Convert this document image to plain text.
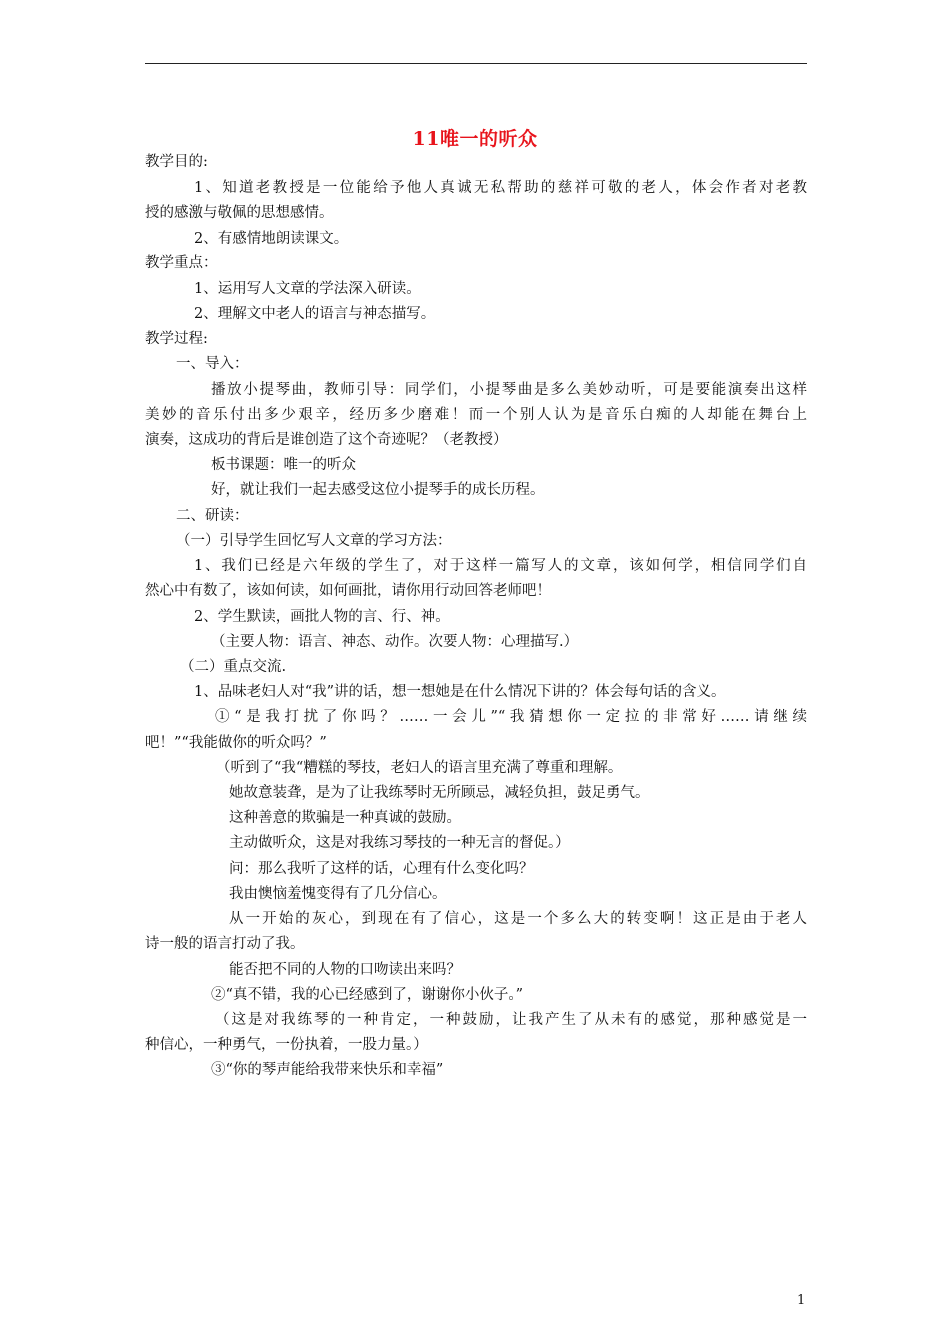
11唯一的听众
教学目的:
1、知道老教授是一位能给予他人真诚无私帮助的慈祥可敬的老人，体会作者对老教
授的感激与敬佩的思想感情。
2、有感情地朗读课文。
教学重点：
1、运用写人文章的学法深入研读。
2、理解文中老人的语言与神态描写。
教学过程:
一、导入：
播放小提琴曲，教师引导：同学们，小提琴曲是多么美妙动听，可是要能演奏出这样
美妙的音乐付出多少艰辛，经历多少磨难！而一个别人认为是音乐白痴的人却能在舞台上
演奏，这成功的背后是谁创造了这个奇迹呢？（老教授）
板书课题：唯一的听众
好，就让我们一起去感受这位小提琴手的成长历程。
二、研读：
（一）引导学生回忆写人文章的学习方法：
1、我们已经是六年级的学生了，对于这样一篇写人的文章，该如何学，相信同学们自
然心中有数了，该如何读，如何画批，请你用行动回答老师吧！
2、学生默读，画批人物的言、行、神。
（主要人物：语言、神态、动作。次要人物：心理描写.）
（二）重点交流.
1、品味老妇人对“我”讲的话，想一想她是在什么情况下讲的？体会每句话的含义。
①“是我打扰了你吗？……一会儿”“我猜想你一定拉的非常好……请继续
吧！”“我能做你的听众吗？”
（听到了“我“糟糕的琴技，老妇人的语言里充满了尊重和理解。
她故意装聋，是为了让我练琴时无所顾忌，减轻负担，鼓足勇气。
这种善意的欺骗是一种真诚的鼓励。
主动做听众，这是对我练习琴技的一种无言的督促。）
问：那么我听了这样的话，心理有什么变化吗？
我由懊恼羞愧变得有了几分信心。
从一开始的灰心，到现在有了信心，这是一个多么大的转变啊！这正是由于老人
诗一般的语言打动了我。
能否把不同的人物的口吻读出来吗？
②“真不错，我的心已经感到了，谢谢你小伙子。”
（这是对我练琴的一种肯定，一种鼓励，让我产生了从未有的感觉，那种感觉是一
种信心，一种勇气，一份执着，一股力量。）
③“你的琴声能给我带来快乐和幸福”
1
